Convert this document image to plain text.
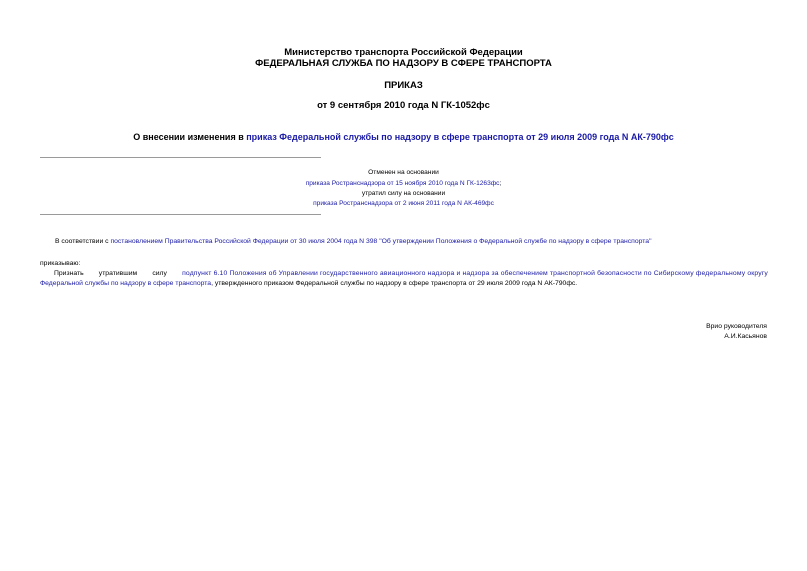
Министерство транспорта Российской Федерации
ФЕДЕРАЛЬНАЯ СЛУЖБА ПО НАДЗОРУ В СФЕРЕ ТРАНСПОРТА
ПРИКАЗ
от 9 сентября 2010 года N ГК-1052фс
О внесении изменения в приказ Федеральной службы по надзору в сфере транспорта от 29 июля 2009 года N АК-790фс
Отменен на основании
приказа Ространснадзора от 15 ноября 2010 года N ГК-1263фс;
утратил силу на основании
приказа Ространснадзора от 2 июня 2011 года N АК-469фс
В соответствии с постановлением Правительства Российской Федерации от 30 июля 2004 года N 398 "Об утверждении Положения о Федеральной службе по надзору в сфере транспорта"
приказываю:
Признать утратившим силу подпункт 6.10 Положения об Управлении государственного авиационного надзора и надзора за обеспечением транспортной безопасности по Сибирскому федеральному округу
Федеральной службы по надзору в сфере транспорта, утвержденного приказом Федеральной службы по надзору в сфере транспорта от 29 июля 2009 года N АК-790фс.
Врио руководителя
А.И.Касьянов
